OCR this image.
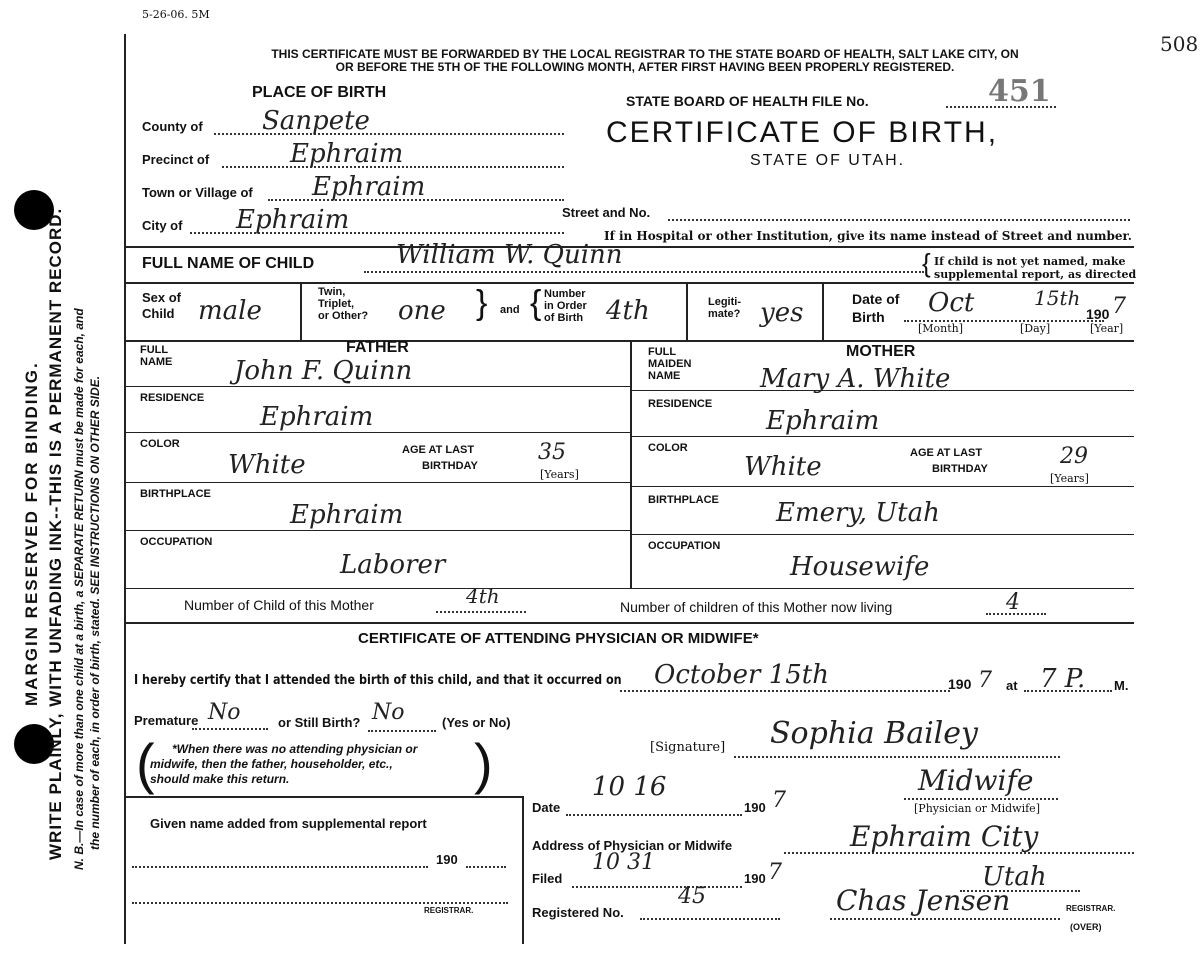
5-26-06. 5M
508
MARGIN RESERVED FOR BINDING. WRITE PLAINLY, WITH UNFADING INK--THIS IS A PERMANENT RECORD. N. B.—In case of more than one child at a birth, a SEPARATE RETURN must be made for each, and the number of each, in order of birth, stated. SEE INSTRUCTIONS ON OTHER SIDE.
THIS CERTIFICATE MUST BE FORWARDED BY THE LOCAL REGISTRAR TO THE STATE BOARD OF HEALTH, SALT LAKE CITY, ON
OR BEFORE THE 5TH OF THE FOLLOWING MONTH, AFTER FIRST HAVING BEEN PROPERLY REGISTERED.
PLACE OF BIRTH	STATE BOARD OF HEALTH FILE No.	451
CERTIFICATE OF BIRTH,
STATE OF UTAH.
County of Sanpete
Precinct of	Ephraim
Town or Village of Ephraim
City of Ephraim	Street and No.
If in Hospital or other Institution, give its name instead of Street and number.
FULL NAME OF CHILD	William W. Quinn	{ If child is not yet named, make
supplemental report, as directed
Sex of
Child male
Twin,
Triplet,
or Other? one } and { Number
in Order
of Birth 4th	Legiti-
mate? yes	Date of
Birth	Oct	15th
190 7
[Month]	[Day]	[Year]
FULL
NAME
FATHER
John F. Quinn
RESIDENCE
Ephraim
COLOR
White	AGE AT LAST
BIRTHDAY
35
[Years]
BIRTHPLACE
Ephraim
OCCUPATION
Laborer
FULL
MAIDEN
NAME
MOTHER
Mary A. White
RESIDENCE
Ephraim
COLOR
White	AGE AT LAST
BIRTHDAY	29
[Years]
BIRTHPLACE Emery, Utah
OCCUPATION
Housewife
Number of Child of this Mother	4th	Number of children of this Mother now living	4
CERTIFICATE OF ATTENDING PHYSICIAN OR MIDWIFE*
I hereby certify that I attended the birth of this child, and that it occurred on October 15th	190 7 at 7 P. M.
Premature No	or Still Birth? No	(Yes or No)
(	)
*When there was no attending physician or
midwife, then the father, householder, etc.,
should make this return.
[Signature] Sophia Bailey
Midwife
[Physician or Midwife]
Date
10 16
190 7
Address of Physician or Midwife	Ephraim City
Given name added from supplemental report
190
REGISTRAR.
Filed
10 31
190 7
Registered No.
45
Utah
Chas Jensen	REGISTRAR.
(OVER)
